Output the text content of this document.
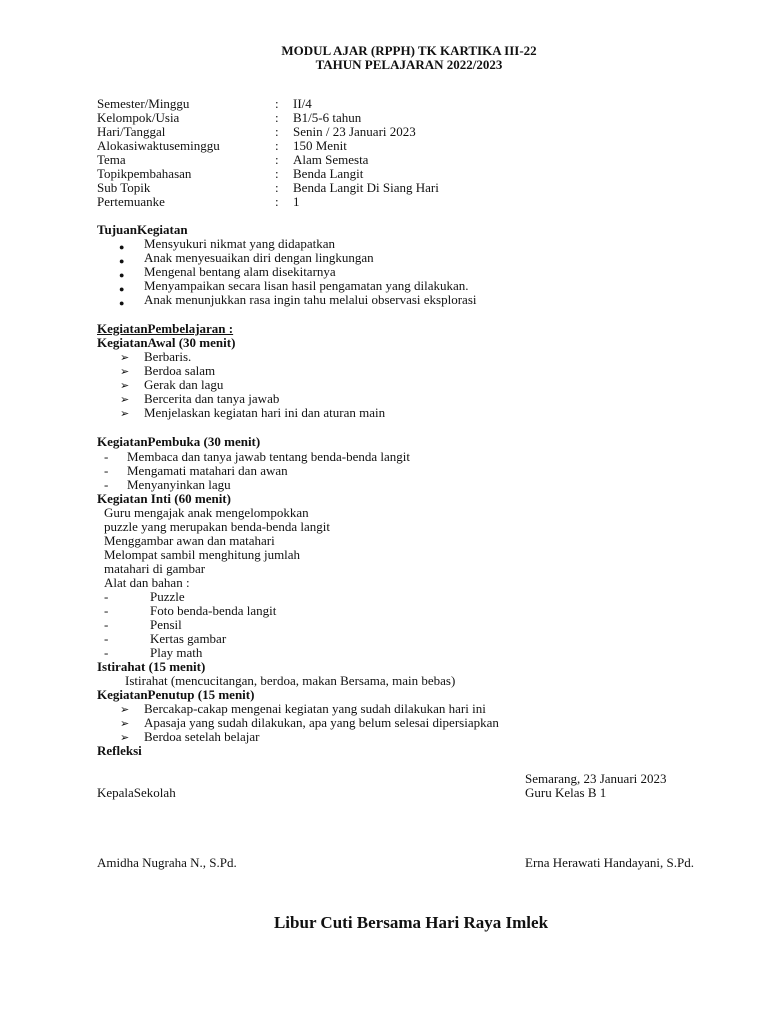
MODUL AJAR (RPPH) TK KARTIKA III-22
TAHUN PELAJARAN 2022/2023
Semester/Minggu	: II/4
Kelompok/Usia	: B1/5-6 tahun
Hari/Tanggal	: Senin / 23 Januari 2023
Alokasiwaktuseminggu	: 150 Menit
Tema	: Alam Semesta
Topikpembahasan	: Benda Langit
Sub Topik	: Benda Langit Di Siang Hari
Pertemuanke	: 1
TujuanKegiatan
● Mensyukuri nikmat yang didapatkan
● Anak menyesuaikan diri dengan lingkungan
● Mengenal bentang alam disekitarnya
● Menyampaikan secara lisan hasil pengamatan yang dilakukan.
● Anak menunjukkan rasa ingin tahu melalui observasi eksplorasi
KegiatanPembelajaran :
KegiatanAwal (30 menit)
➢ Berbaris.
➢ Berdoa salam
➢ Gerak dan lagu
➢ Bercerita dan tanya jawab
➢ Menjelaskan kegiatan hari ini dan aturan main
KegiatanPembuka (30 menit)
- Membaca dan tanya jawab tentang benda-benda langit
- Mengamati matahari dan awan
- Menyanyinkan lagu
Kegiatan Inti (60 menit)
Guru mengajak anak mengelompokkan
puzzle yang merupakan benda-benda langit
Menggambar awan dan matahari
Melompat sambil menghitung jumlah
matahari di gambar
Alat dan bahan :
-	Puzzle
-	Foto benda-benda langit
-	Pensil
-	Kertas gambar
-	Play math
Istirahat (15 menit)
Istirahat (mencucitangan, berdoa, makan Bersama, main bebas)
KegiatanPenutup (15 menit)
➢ Bercakap-cakap mengenai kegiatan yang sudah dilakukan hari ini
➢ Apasaja yang sudah dilakukan, apa yang belum selesai dipersiapkan
➢ Berdoa setelah belajar
Refleksi
Semarang, 23 Januari 2023
KepalaSekolah	Guru Kelas B 1
Amidha Nugraha N., S.Pd.	Erna Herawati Handayani, S.Pd.
Libur Cuti Bersama Hari Raya Imlek
